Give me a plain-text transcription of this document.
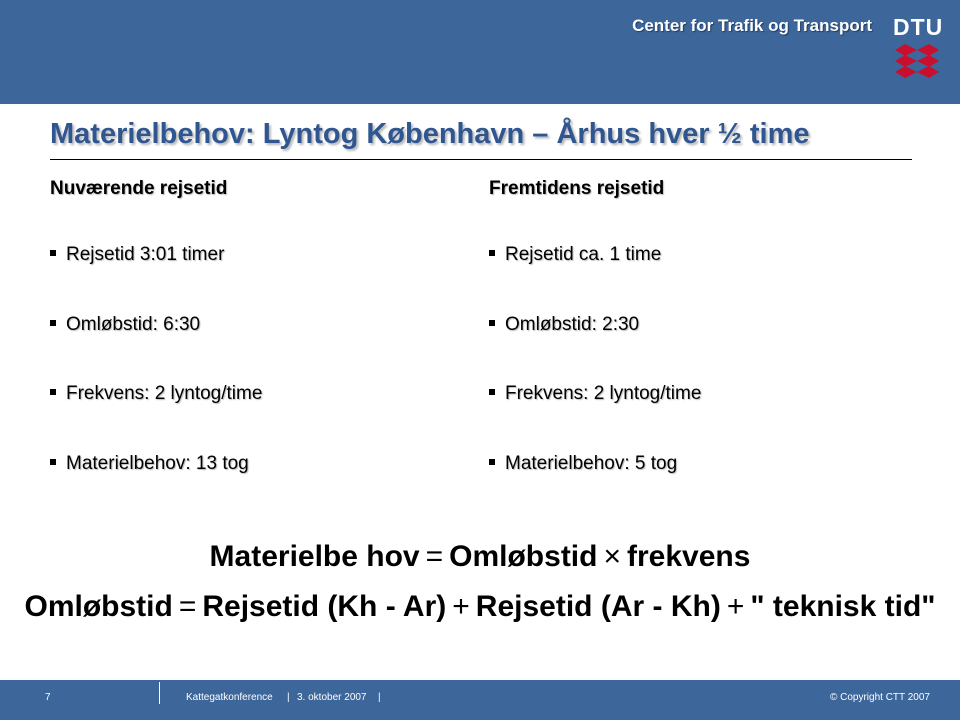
Center for Trafik og Transport DTU
Materielbehov: Lyntog København – Århus hver ½ time
Nuværende rejsetid
Rejsetid 3:01 timer
Omløbstid: 6:30
Frekvens: 2 lyntog/time
Materielbehov: 13 tog
Fremtidens rejsetid
Rejsetid ca. 1 time
Omløbstid: 2:30
Frekvens: 2 lyntog/time
Materielbehov: 5 tog
Materielbe hov = Omløbstid × frekvens
Omløbstid = Rejsetid (Kh - Ar) + Rejsetid (Ar - Kh) + " teknisk tid"
7	Kattegatkonference | 3. oktober 2007 |	© Copyright CTT 2007
